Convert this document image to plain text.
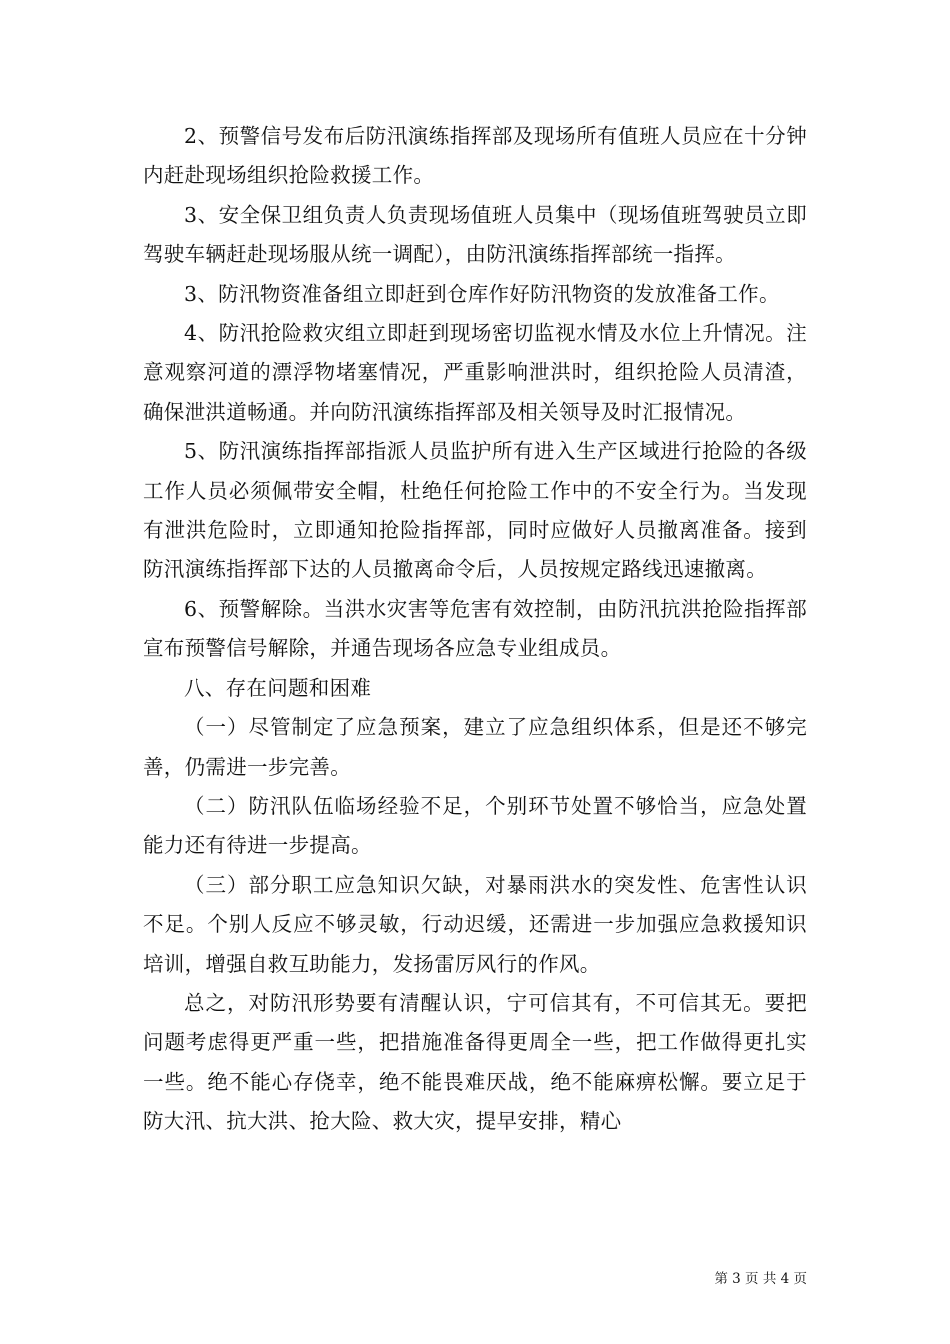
2、预警信号发布后防汛演练指挥部及现场所有值班人员应在十分钟内赶赴现场组织抢险救援工作。

3、安全保卫组负责人负责现场值班人员集中（现场值班驾驶员立即驾驶车辆赶赴现场服从统一调配），由防汛演练指挥部统一指挥。

3、防汛物资准备组立即赶到仓库作好防汛物资的发放准备工作。

4、防汛抢险救灾组立即赶到现场密切监视水情及水位上升情况。注意观察河道的漂浮物堵塞情况，严重影响泄洪时，组织抢险人员清渣，确保泄洪道畅通。并向防汛演练指挥部及相关领导及时汇报情况。

5、防汛演练指挥部指派人员监护所有进入生产区域进行抢险的各级工作人员必须佩带安全帽，杜绝任何抢险工作中的不安全行为。当发现有泄洪危险时，立即通知抢险指挥部，同时应做好人员撤离准备。接到防汛演练指挥部下达的人员撤离命令后，人员按规定路线迅速撤离。

6、预警解除。当洪水灾害等危害有效控制，由防汛抗洪抢险指挥部宣布预警信号解除，并通告现场各应急专业组成员。

八、存在问题和困难

（一）尽管制定了应急预案，建立了应急组织体系，但是还不够完善，仍需进一步完善。

（二）防汛队伍临场经验不足，个别环节处置不够恰当，应急处置能力还有待进一步提高。

（三）部分职工应急知识欠缺，对暴雨洪水的突发性、危害性认识不足。个别人反应不够灵敏，行动迟缓，还需进一步加强应急救援知识培训，增强自救互助能力，发扬雷厉风行的作风。

总之，对防汛形势要有清醒认识，宁可信其有，不可信其无。要把问题考虑得更严重一些，把措施准备得更周全一些，把工作做得更扎实一些。绝不能心存侥幸，绝不能畏难厌战，绝不能麻痹松懈。要立足于防大汛、抗大洪、抢大险、救大灾，提早安排，精心

第 3 页 共 4 页
